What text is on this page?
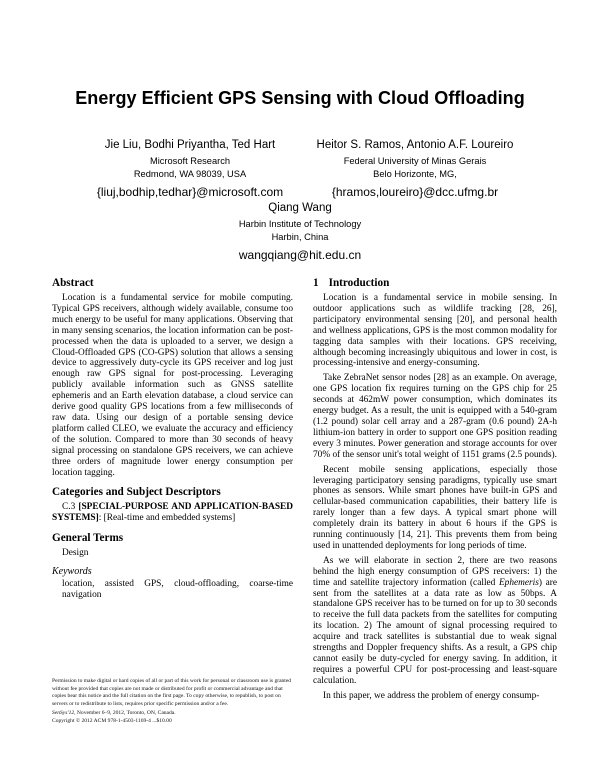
Energy Efficient GPS Sensing with Cloud Offloading
Jie Liu, Bodhi Priyantha, Ted Hart
Microsoft Research
Redmond, WA 98039, USA
{liuj,bodhip,tedhar}@microsoft.com
Heitor S. Ramos, Antonio A.F. Loureiro
Federal University of Minas Gerais
Belo Horizonte, MG,
{hramos,loureiro}@dcc.ufmg.br
Qiang Wang
Harbin Institute of Technology
Harbin, China
wangqiang@hit.edu.cn
Abstract

Location is a fundamental service for mobile computing. Typical GPS receivers, although widely available, consume too much energy to be useful for many applications. Observing that in many sensing scenarios, the location information can be post-processed when the data is uploaded to a server, we design a Cloud-Offloaded GPS (CO-GPS) solution that allows a sensing device to aggressively duty-cycle its GPS receiver and log just enough raw GPS signal for post-processing. Leveraging publicly available information such as GNSS satellite ephemeris and an Earth elevation database, a cloud service can derive good quality GPS locations from a few milliseconds of raw data. Using our design of a portable sensing device platform called CLEO, we evaluate the accuracy and efficiency of the solution. Compared to more than 30 seconds of heavy signal processing on standalone GPS receivers, we can achieve three orders of magnitude lower energy consumption per location tagging.

Categories and Subject Descriptors
C.3 [SPECIAL-PURPOSE AND APPLICATION-BASED SYSTEMS]: [Real-time and embedded systems]
General Terms
Design
Keywords
location, assisted GPS, cloud-offloading, coarse-time navigation
Permission to make digital or hard copies of all or part of this work for personal or classroom use is granted without fee provided that copies are not made or distributed for profit or commercial advantage and that copies bear this notice and the full citation on the first page. To copy otherwise, to republish, to post on servers or to redistribute to lists, requires prior specific permission and/or a fee.
SenSys'12, November 6–9, 2012, Toronto, ON, Canada.
Copyright © 2012 ACM 978-1-4503-1169-4 ...$10.00
1 Introduction

Location is a fundamental service in mobile sensing. In outdoor applications such as wildlife tracking [28, 26], participatory environmental sensing [20], and personal health and wellness applications, GPS is the most common modality for tagging data samples with their locations. GPS receiving, although becoming increasingly ubiquitous and lower in cost, is processing-intensive and energy-consuming.

Take ZebraNet sensor nodes [28] as an example. On average, one GPS location fix requires turning on the GPS chip for 25 seconds at 462mW power consumption, which dominates its energy budget. As a result, the unit is equipped with a 540-gram (1.2 pound) solar cell array and a 287-gram (0.6 pound) 2A-h lithium-ion battery in order to support one GPS position reading every 3 minutes. Power generation and storage accounts for over 70% of the sensor unit's total weight of 1151 grams (2.5 pounds).

Recent mobile sensing applications, especially those leveraging participatory sensing paradigms, typically use smart phones as sensors. While smart phones have built-in GPS and cellular-based communication capabilities, their battery life is rarely longer than a few days. A typical smart phone will completely drain its battery in about 6 hours if the GPS is running continuously [14, 21]. This prevents them from being used in unattended deployments for long periods of time.

As we will elaborate in section 2, there are two reasons behind the high energy consumption of GPS receivers: 1) the time and satellite trajectory information (called Ephemeris) are sent from the satellites at a data rate as low as 50bps. A standalone GPS receiver has to be turned on for up to 30 seconds to receive the full data packets from the satellites for computing its location. 2) The amount of signal processing required to acquire and track satellites is substantial due to weak signal strengths and Doppler frequency shifts. As a result, a GPS chip cannot easily be duty-cycled for energy saving. In addition, it requires a powerful CPU for post-processing and least-square calculation.

In this paper, we address the problem of energy consump-
